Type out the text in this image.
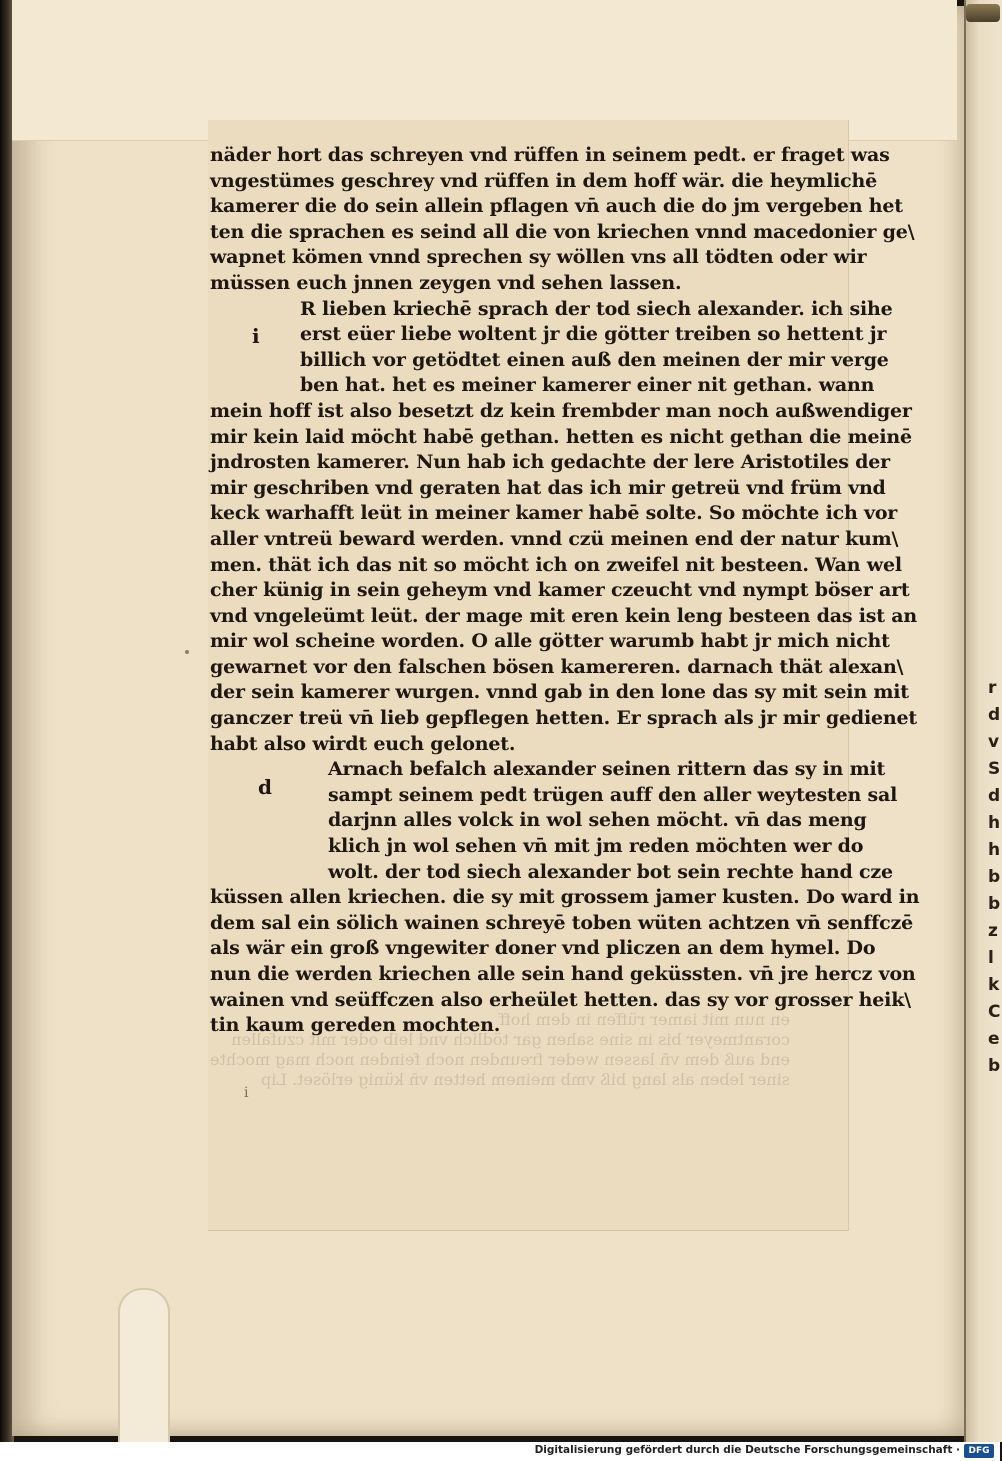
r
d
v
S
d
h
h
b
b
z
l
k
C
e
b
en nun mit iamer rüffen in dem hoff
corantmeyer bis in sine sahen gar tödlich vnd leib oder mit czufallen
end auß dem vn̄ lassen weder freunden noch feinden noch mag
siner leben als lang biß vmb meinem hetten vn̄ künig erlöset. Lip
i
i
d
näder hort das schreyen vnd rüffen in seinem pedt. er fraget was
vngestümes geschrey vnd rüffen in dem hoff wär. die heymlichē
kamerer die do sein allein pflagen vn̄ auch die do jm vergeben het
ten die sprachen es seind all die von kriechen vnnd macedonier ge\
wapnet kömen vnnd sprechen sy wöllen vns all tödten oder wir
müssen euch jnnen zeygen vnd sehen lassen.
R lieben kriechē sprach der tod siech alexander. ich sihe
erst eüer liebe woltent jr die götter treiben so hettent jr
billich vor getödtet einen auß den meinen der mir verge
ben hat. het es meiner kamerer einer nit gethan. wann
mein hoff ist also besetzt dz kein frembder man noch außwendiger
mir kein laid möcht habē gethan. hetten es nicht gethan die meinē
jndrosten kamerer. Nun hab ich gedachte der lere Aristotiles der
mir geschriben vnd geraten hat das ich mir getreü vnd früm vnd
keck warhafft leüt in meiner kamer habē solte. So möchte ich vor
aller vntreü beward werden. vnnd czü meinen end der natur kum\
men. thät ich das nit so möcht ich on zweifel nit besteen. Wan wel
cher künig in sein geheym vnd kamer czeucht vnd nympt böser art
vnd vngeleümt leüt. der mage mit eren kein leng besteen das ist an
mir wol scheine worden. O alle götter warumb habt jr mich nicht
gewarnet vor den falschen bösen kamereren. darnach thät alexan\
der sein kamerer wurgen. vnnd gab in den lone das sy mit sein mit
ganczer treü vn̄ lieb gepflegen hetten. Er sprach als jr mir gedienet
habt also wirdt euch gelonet.
Arnach befalch alexander seinen rittern das sy in mit
sampt seinem pedt trügen auff den aller weytesten sal
darjnn alles volck in wol sehen möcht. vn̄ das meng
klich jn wol sehen vn̄ mit jm reden möchten wer do
wolt. der tod siech alexander bot sein rechte hand cze
küssen allen kriechen. die sy mit grossem jamer kusten. Do ward in
dem sal ein sölich wainen schreyē toben wüten achtzen vn̄ senffczē
als wär ein groß vngewiter doner vnd pliczen an dem hymel. Do
nun die werden kriechen alle sein hand geküssten. vn̄ jre hercz von
wainen vnd seüffczen also erheület hetten. das sy vor grosser heik\
tin kaum gereden mochten.
Digitalisierung gefördert durch die Deutsche Forschungsgemeinschaft · DFG
